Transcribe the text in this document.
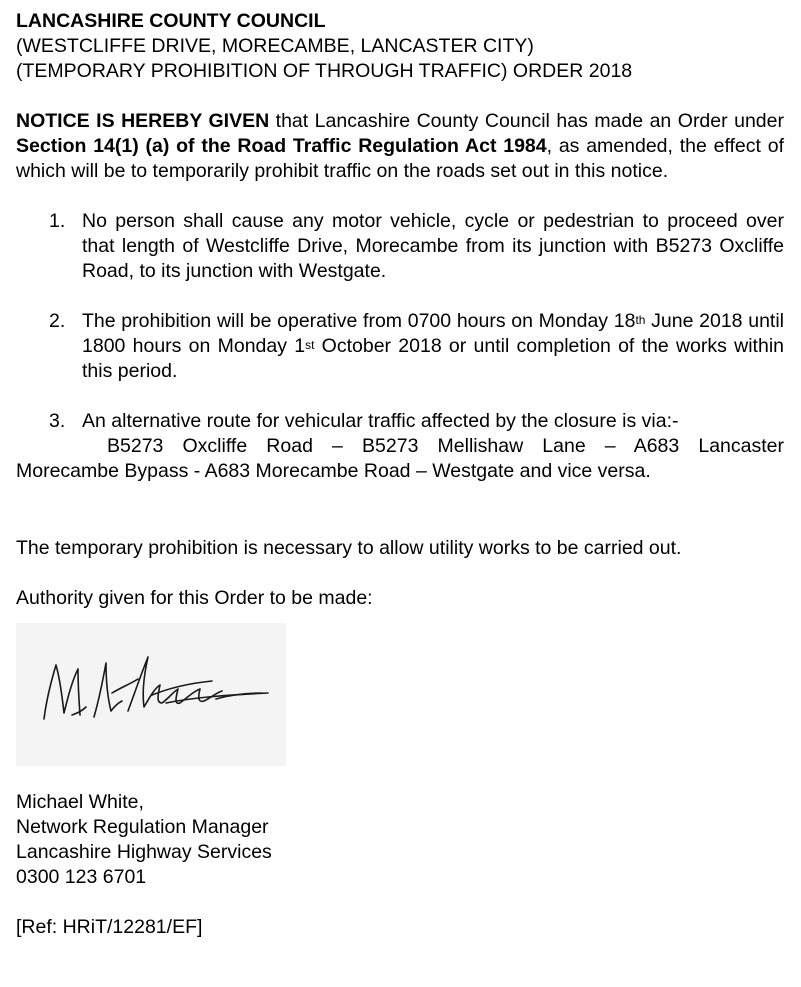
LANCASHIRE COUNTY COUNCIL

(WESTCLIFFE DRIVE, MORECAMBE, LANCASTER CITY)

(TEMPORARY PROHIBITION OF THROUGH TRAFFIC) ORDER 2018

NOTICE IS HEREBY GIVEN that Lancashire County Council has made an Order under Section 14(1) (a) of the Road Traffic Regulation Act 1984, as amended, the effect of which will be to temporarily prohibit traffic on the roads set out in this notice.

1. No person shall cause any motor vehicle, cycle or pedestrian to proceed over that length of Westcliffe Drive, Morecambe from its junction with B5273 Oxcliffe Road, to its junction with Westgate.
2. The prohibition will be operative from 0700 hours on Monday 18th June 2018 until 1800 hours on Monday 1st October 2018 or until completion of the works within this period.
3. An alternative route for vehicular traffic affected by the closure is via:-

B5273 Oxcliffe Road – B5273 Mellishaw Lane – A683 Lancaster

Morecambe Bypass - A683 Morecambe Road – Westgate and vice versa.

The temporary prohibition is necessary to allow utility works to be carried out.

Authority given for this Order to be made:

Michael White,

Network Regulation Manager

Lancashire Highway Services

0300 123 6701

[Ref: HRiT/12281/EF]
